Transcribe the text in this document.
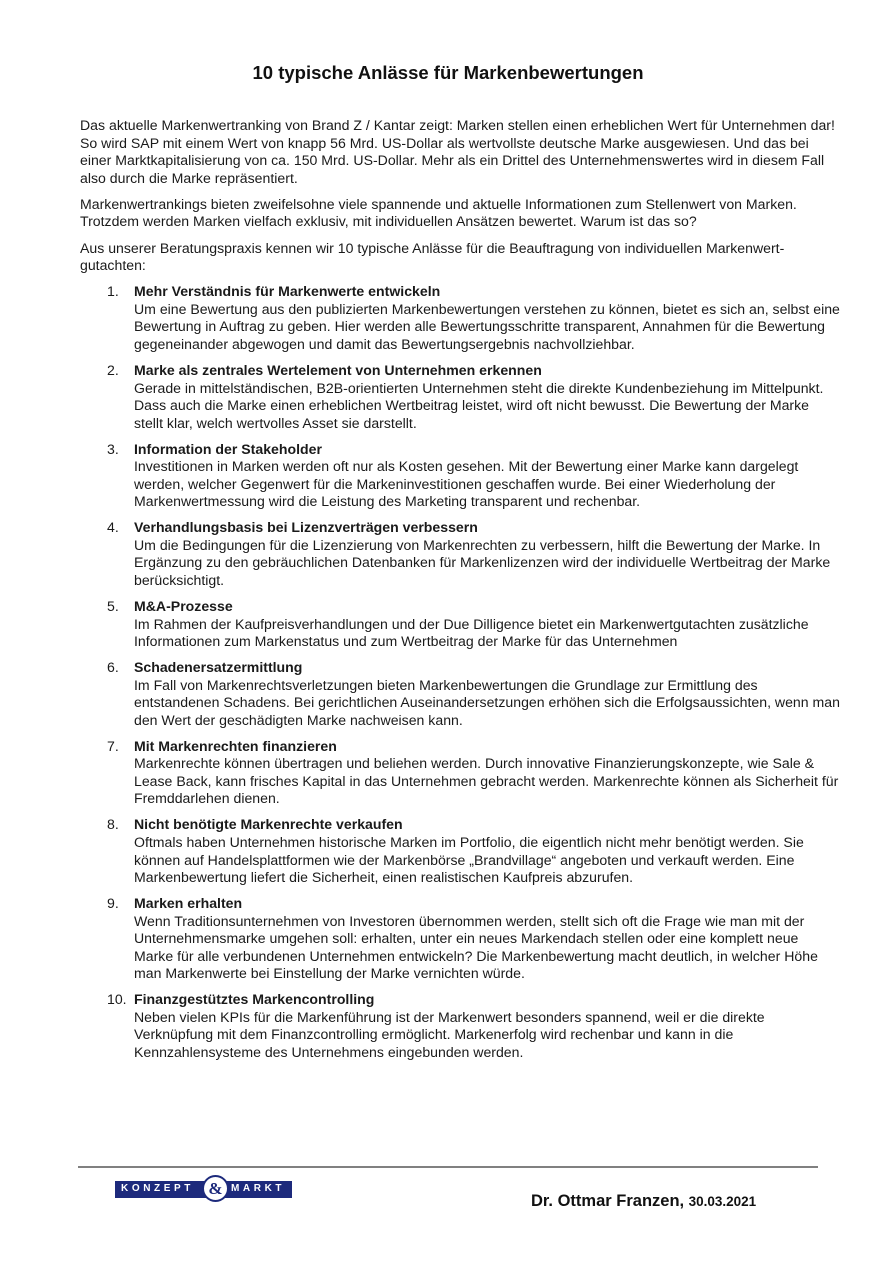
10 typische Anlässe für Markenbewertungen

Das aktuelle Markenwertranking von Brand Z / Kantar zeigt: Marken stellen einen erheblichen Wert für Unternehmen dar! So wird SAP mit einem Wert von knapp 56 Mrd. US-Dollar als wertvollste deutsche Marke ausgewiesen. Und das bei einer Marktkapitalisierung von ca. 150 Mrd. US-Dollar. Mehr als ein Drittel des Unternehmenswertes wird in diesem Fall also durch die Marke repräsentiert.

Markenwertrankings bieten zweifelsohne viele spannende und aktuelle Informationen zum Stellenwert von Marken. Trotzdem werden Marken vielfach exklusiv, mit individuellen Ansätzen bewertet. Warum ist das so?

Aus unserer Beratungspraxis kennen wir 10 typische Anlässe für die Beauftragung von individuellen Markenwert-gutachten:

1. Mehr Verständnis für Markenwerte entwickeln
Um eine Bewertung aus den publizierten Markenbewertungen verstehen zu können, bietet es sich an, selbst eine Bewertung in Auftrag zu geben. Hier werden alle Bewertungsschritte transparent, Annahmen für die Bewertung gegeneinander abgewogen und damit das Bewertungsergebnis nachvollziehbar.
2. Marke als zentrales Wertelement von Unternehmen erkennen
Gerade in mittelständischen, B2B-orientierten Unternehmen steht die direkte Kundenbeziehung im Mittelpunkt. Dass auch die Marke einen erheblichen Wertbeitrag leistet, wird oft nicht bewusst. Die Bewertung der Marke stellt klar, welch wertvolles Asset sie darstellt.
3. Information der Stakeholder
Investitionen in Marken werden oft nur als Kosten gesehen. Mit der Bewertung einer Marke kann dargelegt werden, welcher Gegenwert für die Markeninvestitionen geschaffen wurde. Bei einer Wiederholung der Markenwertmessung wird die Leistung des Marketing transparent und rechenbar.
4. Verhandlungsbasis bei Lizenzverträgen verbessern
Um die Bedingungen für die Lizenzierung von Markenrechten zu verbessern, hilft die Bewertung der Marke. In Ergänzung zu den gebräuchlichen Datenbanken für Markenlizenzen wird der individuelle Wertbeitrag der Marke berücksichtigt.
5. M&A-Prozesse
Im Rahmen der Kaufpreisverhandlungen und der Due Dilligence bietet ein Markenwertgutachten zusätzliche Informationen zum Markenstatus und zum Wertbeitrag der Marke für das Unternehmen
6. Schadenersatzermittlung
Im Fall von Markenrechtsverletzungen bieten Markenbewertungen die Grundlage zur Ermittlung des entstandenen Schadens. Bei gerichtlichen Auseinandersetzungen erhöhen sich die Erfolgsaussichten, wenn man den Wert der geschädigten Marke nachweisen kann.
7. Mit Markenrechten finanzieren
Markenrechte können übertragen und beliehen werden. Durch innovative Finanzierungskonzepte, wie Sale & Lease Back, kann frisches Kapital in das Unternehmen gebracht werden. Markenrechte können als Sicherheit für Fremddarlehen dienen.
8. Nicht benötigte Markenrechte verkaufen
Oftmals haben Unternehmen historische Marken im Portfolio, die eigentlich nicht mehr benötigt werden. Sie können auf Handelsplattformen wie der Markenbörse „Brandvillage“ angeboten und verkauft werden. Eine Markenbewertung liefert die Sicherheit, einen realistischen Kaufpreis abzurufen.
9. Marken erhalten
Wenn Traditionsunternehmen von Investoren übernommen werden, stellt sich oft die Frage wie man mit der Unternehmensmarke umgehen soll: erhalten, unter ein neues Markendach stellen oder eine komplett neue Marke für alle verbundenen Unternehmen entwickeln? Die Markenbewertung macht deutlich, in welcher Höhe man Markenwerte bei Einstellung der Marke vernichten würde.
10. Finanzgestütztes Markencontrolling
Neben vielen KPIs für die Markenführung ist der Markenwert besonders spannend, weil er die direkte Verknüpfung mit dem Finanzcontrolling ermöglicht. Markenerfolg wird rechenbar und kann in die Kennzahlensysteme des Unternehmens eingebunden werden.
KONZEPT & MARKT
Dr. Ottmar Franzen, 30.03.2021
